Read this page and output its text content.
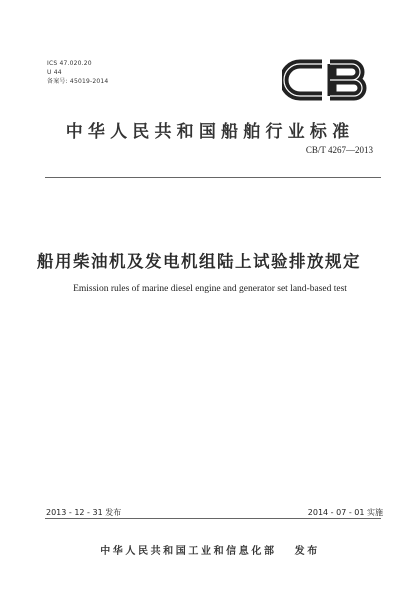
ICS 47.020.20
U 44
备案号: 45019-2014
中华人民共和国船舶行业标准
CB/T 4267—2013
船用柴油机及发电机组陆上试验排放规定
Emission rules of marine diesel engine and generator set land-based test
2013 - 12 - 31 发布	2014 - 07 - 01 实施
中华人民共和国工业和信息化部 发布
